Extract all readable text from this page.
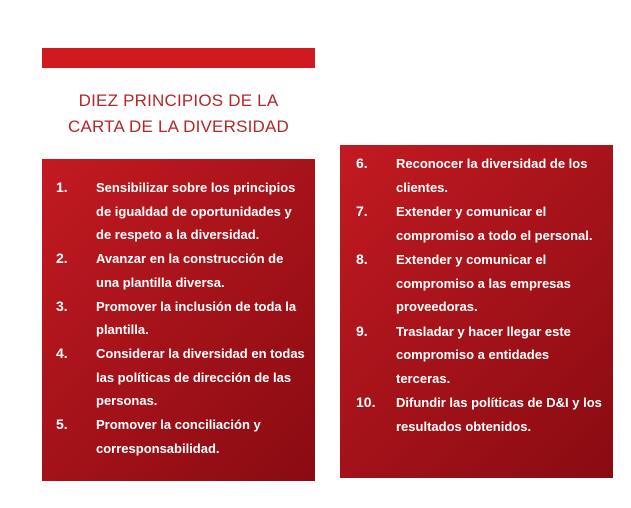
DIEZ PRINCIPIOS DE LA
CARTA DE LA DIVERSIDAD
1.	Sensibilizar sobre los principios de igualdad de oportunidades y de respeto a la diversidad.
2.	Avanzar en la construcción de una plantilla diversa.
3.	Promover la inclusión de toda la plantilla.
4.	Considerar la diversidad en todas las políticas de dirección de las personas.
5.	Promover la conciliación y corresponsabilidad.
6.	Reconocer la diversidad de los clientes.
7.	Extender y comunicar el compromiso a todo el personal.
8.	Extender y comunicar el compromiso a las empresas proveedoras.
9.	Trasladar y hacer llegar este compromiso a entidades terceras.
10.	Difundir las políticas de D&I y los resultados obtenidos.
